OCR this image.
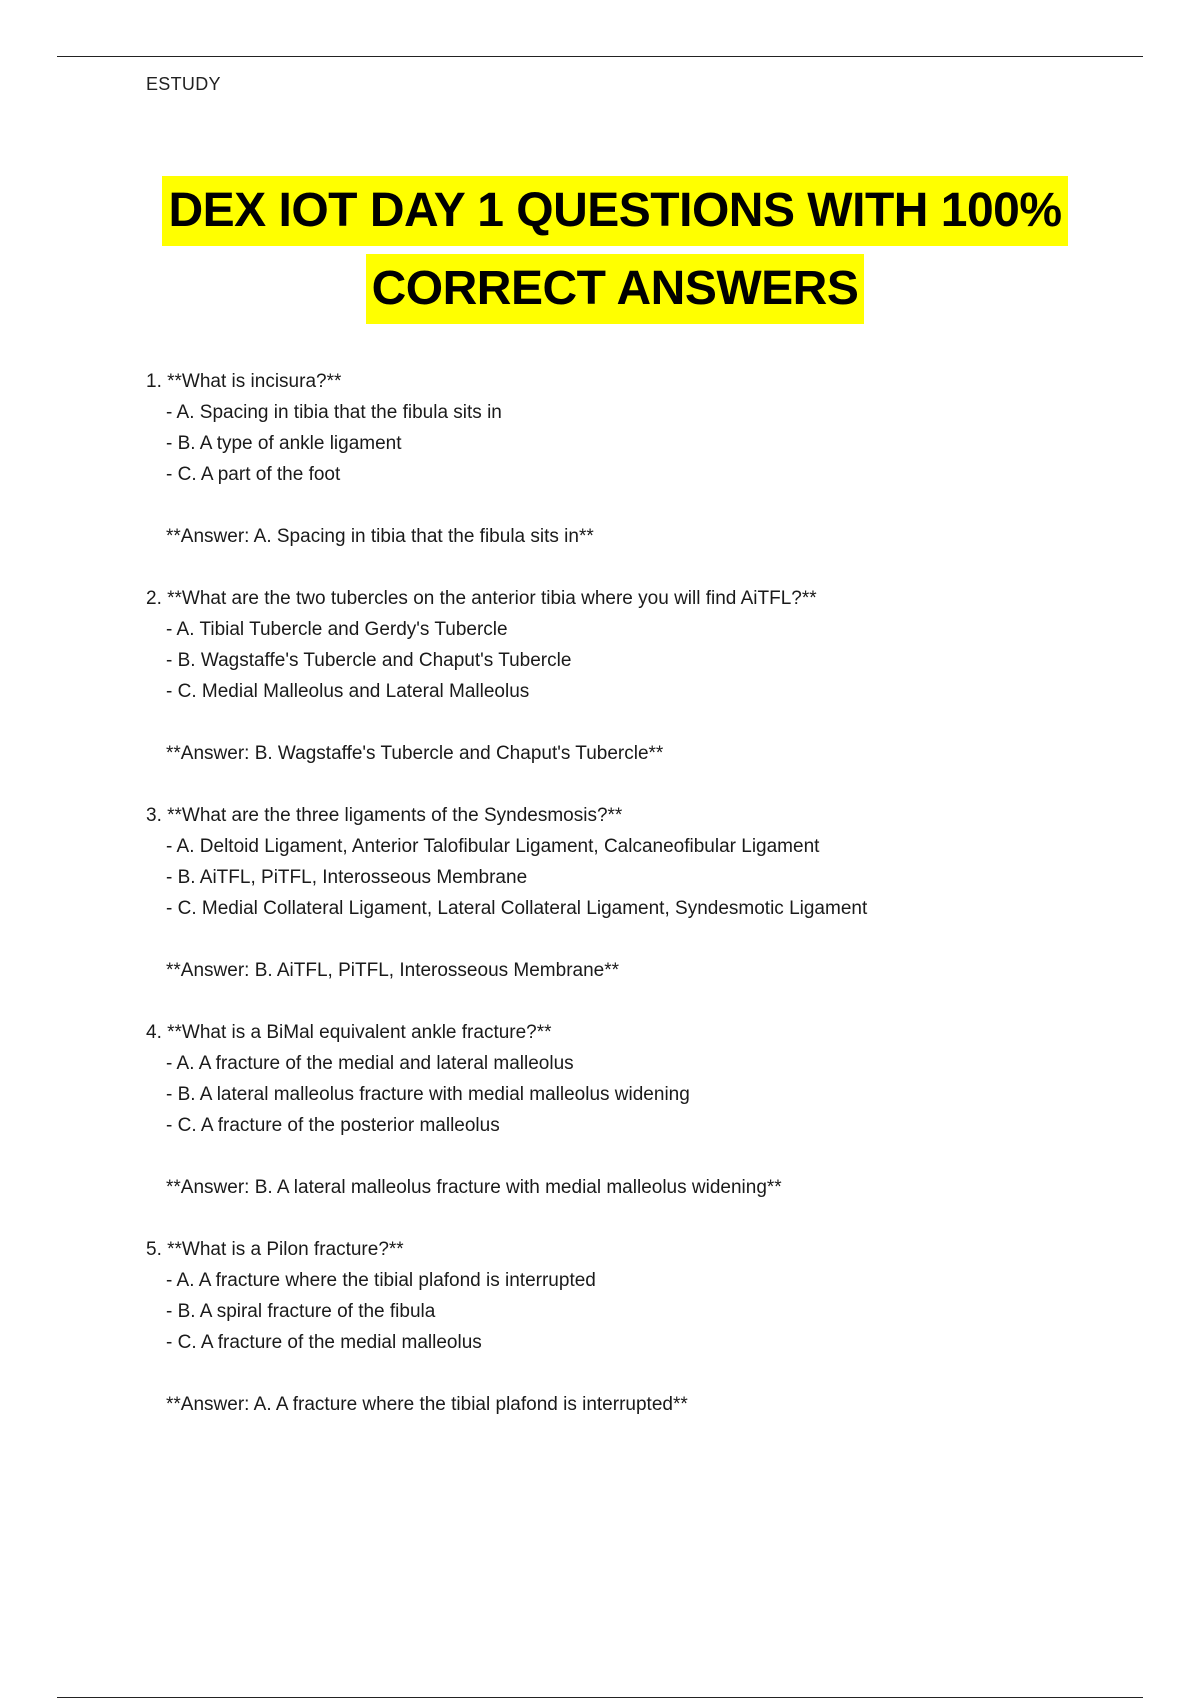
ESTUDY
DEX IOT DAY 1 QUESTIONS WITH 100%
CORRECT ANSWERS
1. **What is incisura?**
- A. Spacing in tibia that the fibula sits in
- B. A type of ankle ligament
- C. A part of the foot
**Answer: A. Spacing in tibia that the fibula sits in**
2. **What are the two tubercles on the anterior tibia where you will find AiTFL?**
- A. Tibial Tubercle and Gerdy's Tubercle
- B. Wagstaffe's Tubercle and Chaput's Tubercle
- C. Medial Malleolus and Lateral Malleolus
**Answer: B. Wagstaffe's Tubercle and Chaput's Tubercle**
3. **What are the three ligaments of the Syndesmosis?**
- A. Deltoid Ligament, Anterior Talofibular Ligament, Calcaneofibular Ligament
- B. AiTFL, PiTFL, Interosseous Membrane
- C. Medial Collateral Ligament, Lateral Collateral Ligament, Syndesmotic Ligament
**Answer: B. AiTFL, PiTFL, Interosseous Membrane**
4. **What is a BiMal equivalent ankle fracture?**
- A. A fracture of the medial and lateral malleolus
- B. A lateral malleolus fracture with medial malleolus widening
- C. A fracture of the posterior malleolus
**Answer: B. A lateral malleolus fracture with medial malleolus widening**
5. **What is a Pilon fracture?**
- A. A fracture where the tibial plafond is interrupted
- B. A spiral fracture of the fibula
- C. A fracture of the medial malleolus
**Answer: A. A fracture where the tibial plafond is interrupted**
